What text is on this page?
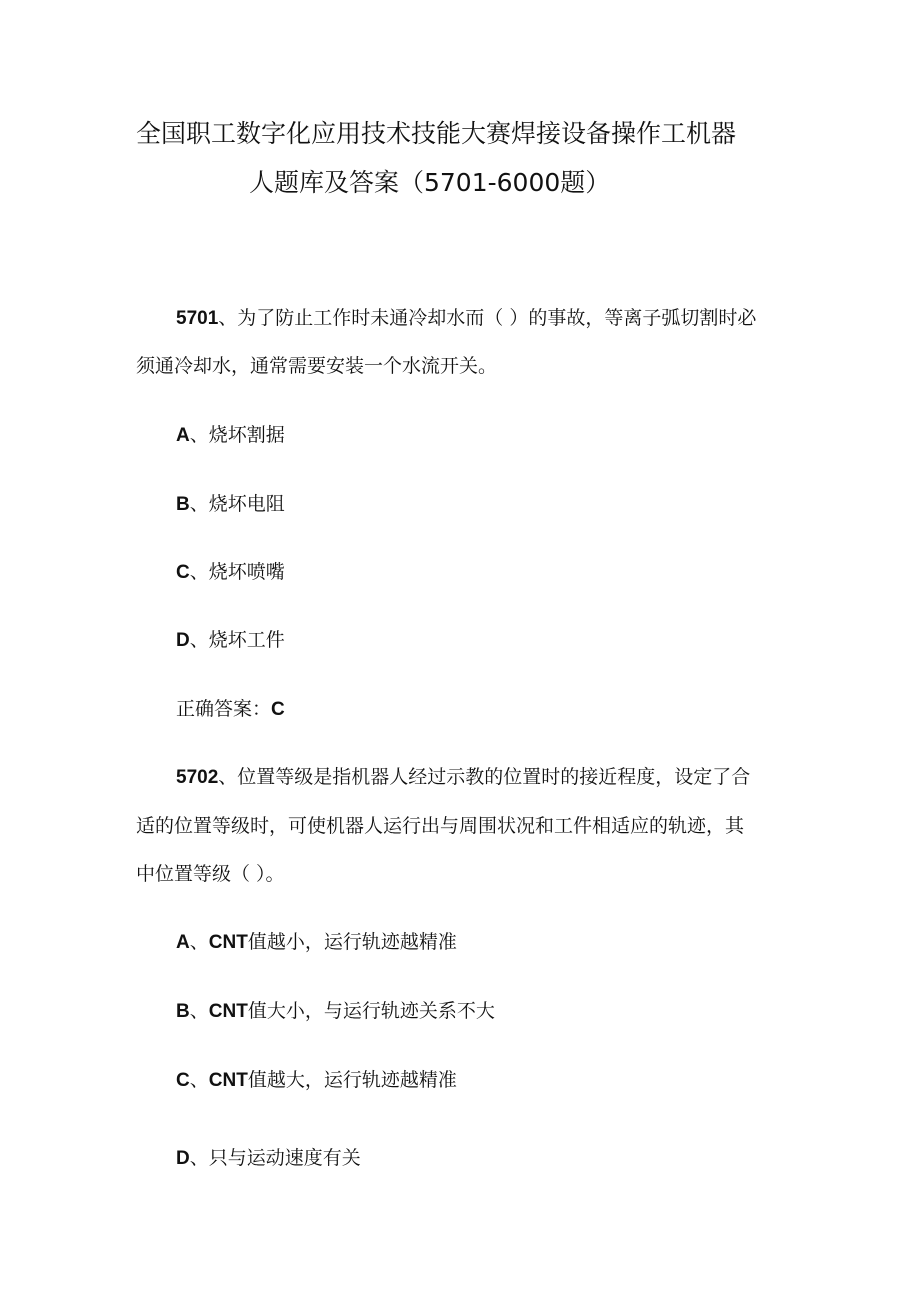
全国职工数字化应用技术技能大赛焊接设备操作工机器
人题库及答案（5701-6000题）
5701、为了防止工作时未通冷却水而（ ）的事故，等离子弧切割时必
须通冷却水，通常需要安装一个水流开关。
A、烧坏割据
B、烧坏电阻
C、烧坏喷嘴
D、烧坏工件
正确答案：C
5702、位置等级是指机器人经过示教的位置时的接近程度，设定了合
适的位置等级时，可使机器人运行出与周围状况和工件相适应的轨迹，其
中位置等级（ ）。
A、CNT值越小，运行轨迹越精准
B、CNT值大小，与运行轨迹关系不大
C、CNT值越大，运行轨迹越精准
D、只与运动速度有关
